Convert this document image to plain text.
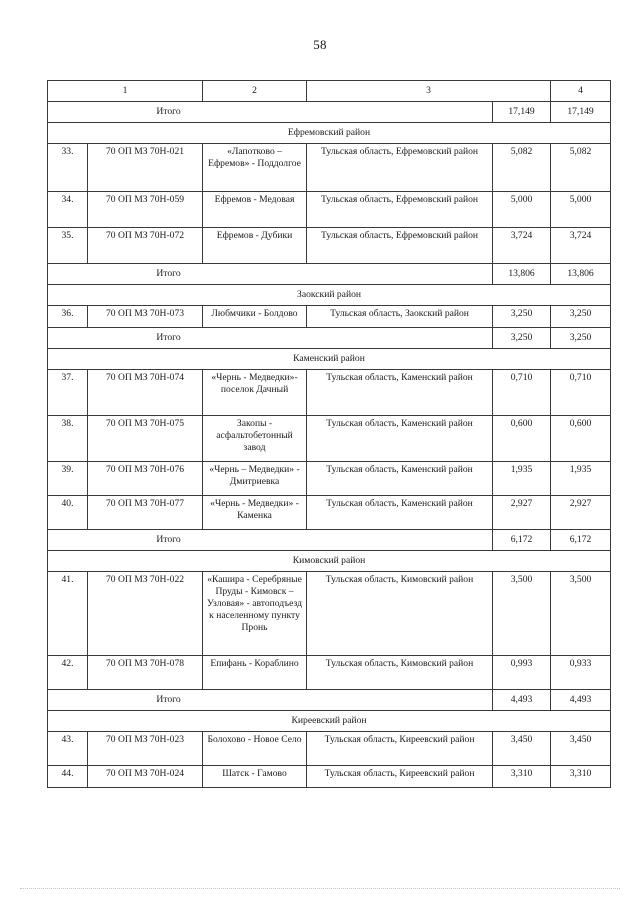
58
1		2	3		4
Итого				17,149	17,149
Ефремовский район					
33.	70 ОП МЗ 70Н-021	«Лапотково – Ефремов» - Поддолгое	Тульская область, Ефремовский район	5,082	5,082
34.	70 ОП МЗ 70Н-059	Ефремов - Медовая	Тульская область, Ефремовский район	5,000	5,000
35.	70 ОП МЗ 70Н-072	Ефремов - Дубики	Тульская область, Ефремовский район	3,724	3,724
Итого				13,806	13,806
Заокский район					
36.	70 ОП МЗ 70Н-073	Любмчики - Болдово	Тульская область, Заокский район	3,250	3,250
Итого				3,250	3,250
Каменский район					
37.	70 ОП МЗ 70Н-074	«Чернь - Медведки»- поселок Дачный	Тульская область, Каменский район	0,710	0,710
38.	70 ОП МЗ 70Н-075	Закопы - асфальтобетонный завод	Тульская область, Каменский район	0,600	0,600
39.	70 ОП МЗ 70Н-076	«Чернь – Медведки» - Дмитриевка	Тульская область, Каменский район	1,935	1,935
40.	70 ОП МЗ 70Н-077	«Чернь - Медведки» - Каменка	Тульская область, Каменский район	2,927	2,927
Итого				6,172	6,172
Кимовский район					
41.	70 ОП МЗ 70Н-022	«Кашира - Серебряные Пруды - Кимовск – Узловая» - автоподъезд к населенному пункту Пронь	Тульская область, Кимовский район	3,500	3,500
42.	70 ОП МЗ 70Н-078	Епифань - Кораблино	Тульская область, Кимовский район	0,993	0,933
Итого				4,493	4,493
Киреевский район					
43.	70 ОП МЗ 70Н-023	Болохово - Новое Село	Тульская область, Киреевский район	3,450	3,450
44.	70 ОП МЗ 70Н-024	Шатск - Гамово	Тульская область, Киреевский район	3,310	3,310
